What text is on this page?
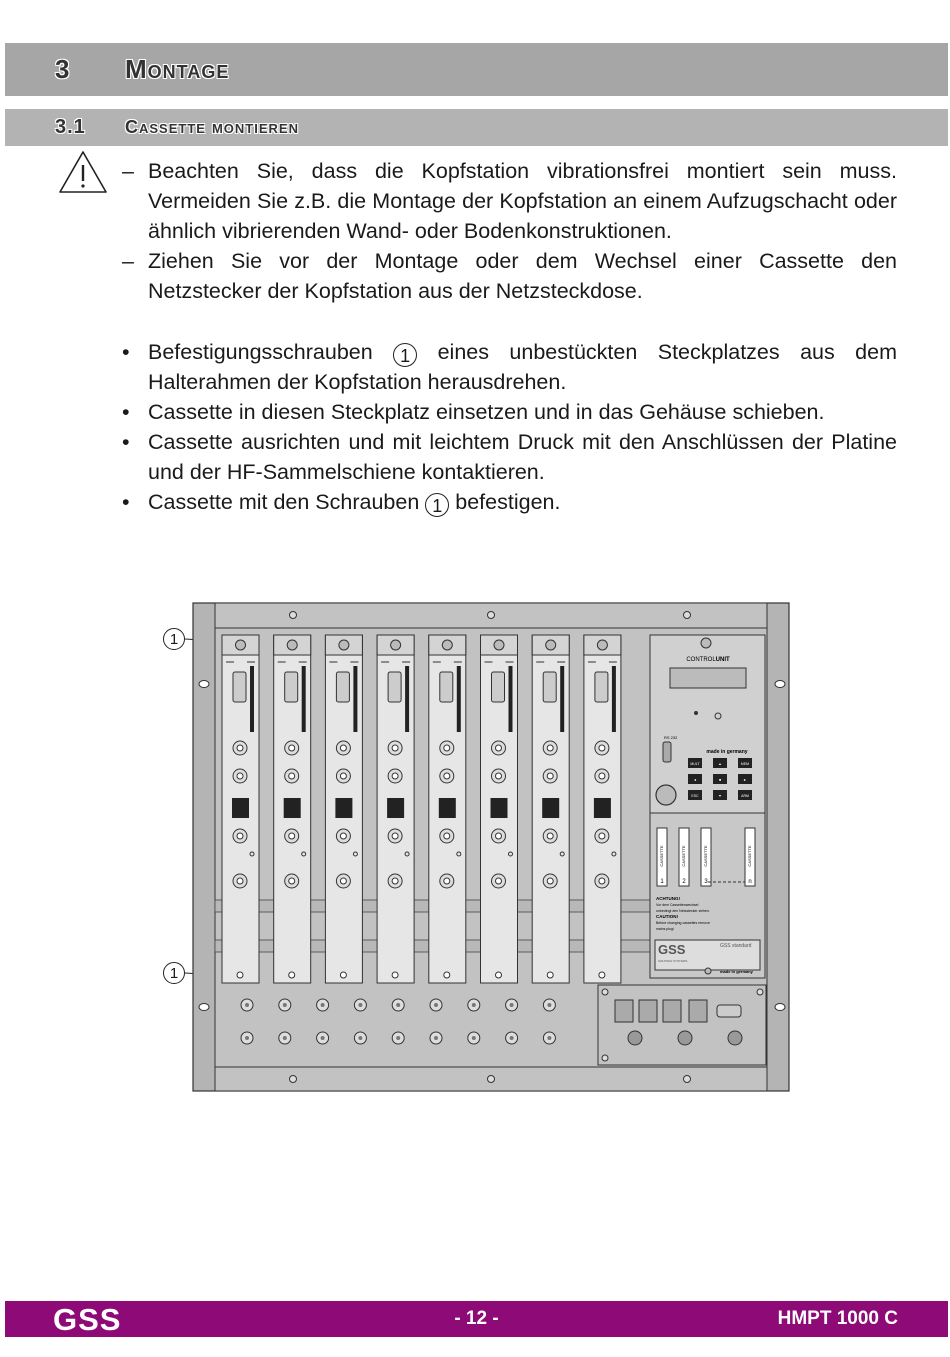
3 Montage
3.1 Cassette montieren
– Beachten Sie, dass die Kopfstation vibrationsfrei montiert sein muss. Vermeiden Sie z.B. die Montage der Kopfstation an einem Aufzugschacht oder ähnlich vibrierenden Wand- oder Bodenkonstruktionen.
– Ziehen Sie vor der Montage oder dem Wechsel einer Cassette den Netzstecker der Kopfstation aus der Netzsteckdose.
• Befestigungsschrauben 1 eines unbestückten Steckplatzes aus dem Halterahmen der Kopfstation herausdrehen.
• Cassette in diesen Steckplatz einsetzen und in das Gehäuse schieben.
• Cassette ausrichten und mit leichtem Druck mit den Anschlüssen der Platine und der HF-Sammelschiene kontaktieren.
• Cassette mit den Schrauben 1 befestigen.
1
1
CONTROLUNIT
RS 232
made in germany
MULT	▲	MEM
◄	■	►
ESC	▼	ARM
CASSETTE
1
CASSETTE
2
CASSETTE
3
CASSETTE
n
ACHTUNG!
Vor dem Cassettenwechsel
unbedingt den Netzstecker ziehen.
CAUTION!
Before changing cassettes remove
mains plug!
GSS
GRUNDIG SYSTEMS
GSS standard
made in germany
GSS	- 12 -	HMPT 1000 C
